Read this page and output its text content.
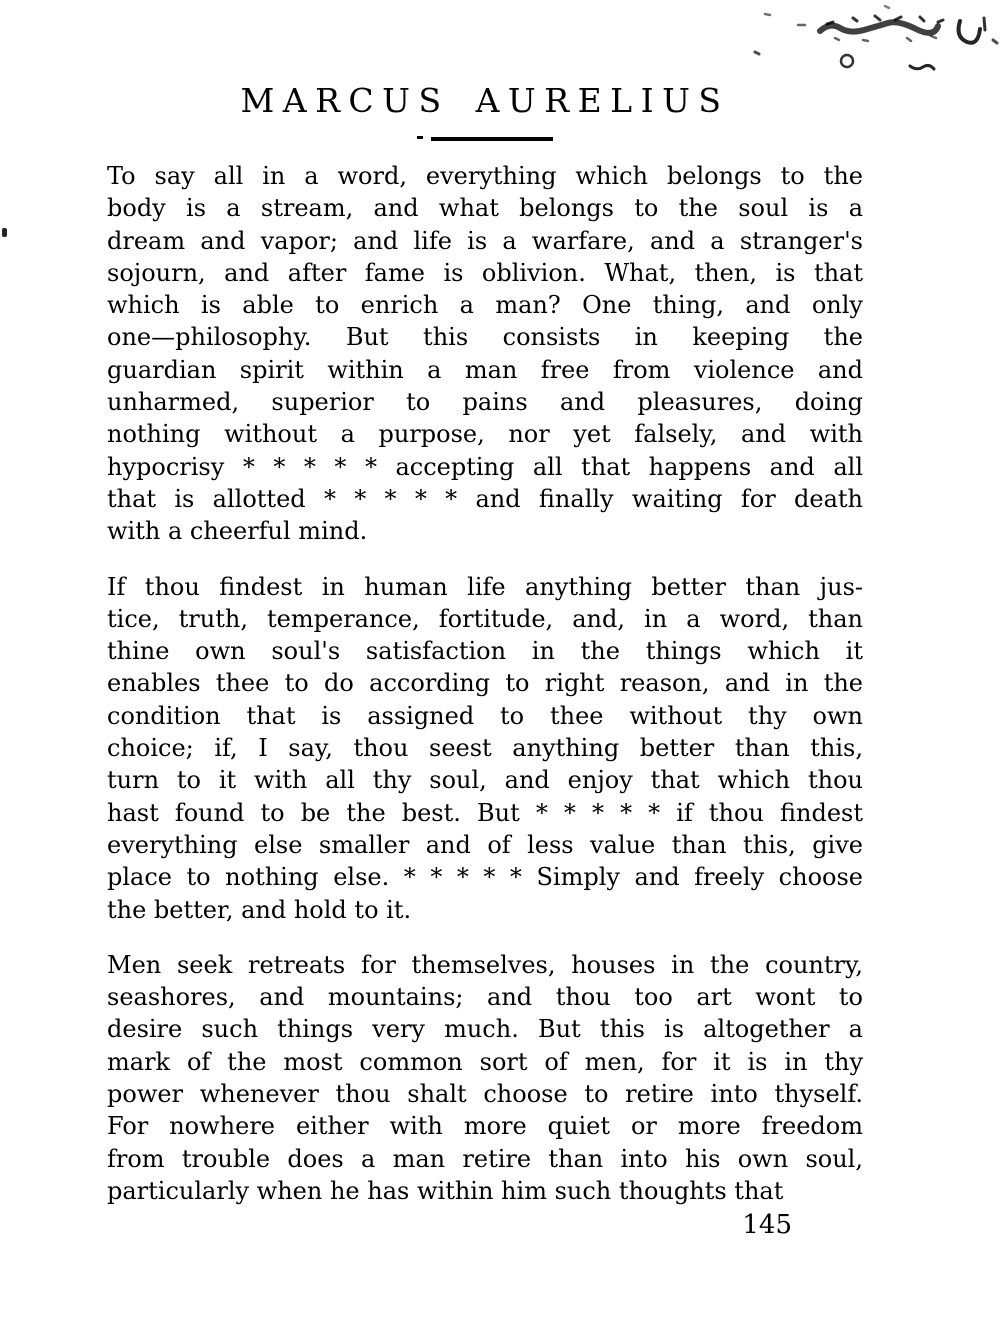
MARCUS AURELIUS
To say all in a word, everything which belongs to the
body is a stream, and what belongs to the soul is a
dream and vapor; and life is a warfare, and a stranger's
sojourn, and after fame is oblivion. What, then, is that
which is able to enrich a man? One thing, and only
one—philosophy. But this consists in keeping the
guardian spirit within a man free from violence and
unharmed, superior to pains and pleasures, doing
nothing without a purpose, nor yet falsely, and with
hypocrisy * * * * * accepting all that happens and all
that is allotted * * * * * and finally waiting for death
with a cheerful mind.
If thou findest in human life anything better than jus-
tice, truth, temperance, fortitude, and, in a word, than
thine own soul's satisfaction in the things which it
enables thee to do according to right reason, and in the
condition that is assigned to thee without thy own
choice; if, I say, thou seest anything better than this,
turn to it with all thy soul, and enjoy that which thou
hast found to be the best. But * * * * * if thou findest
everything else smaller and of less value than this, give
place to nothing else. * * * * * Simply and freely choose
the better, and hold to it.
Men seek retreats for themselves, houses in the country,
seashores, and mountains; and thou too art wont to
desire such things very much. But this is altogether a
mark of the most common sort of men, for it is in thy
power whenever thou shalt choose to retire into thyself.
For nowhere either with more quiet or more freedom
from trouble does a man retire than into his own soul,
particularly when he has within him such thoughts that
145
